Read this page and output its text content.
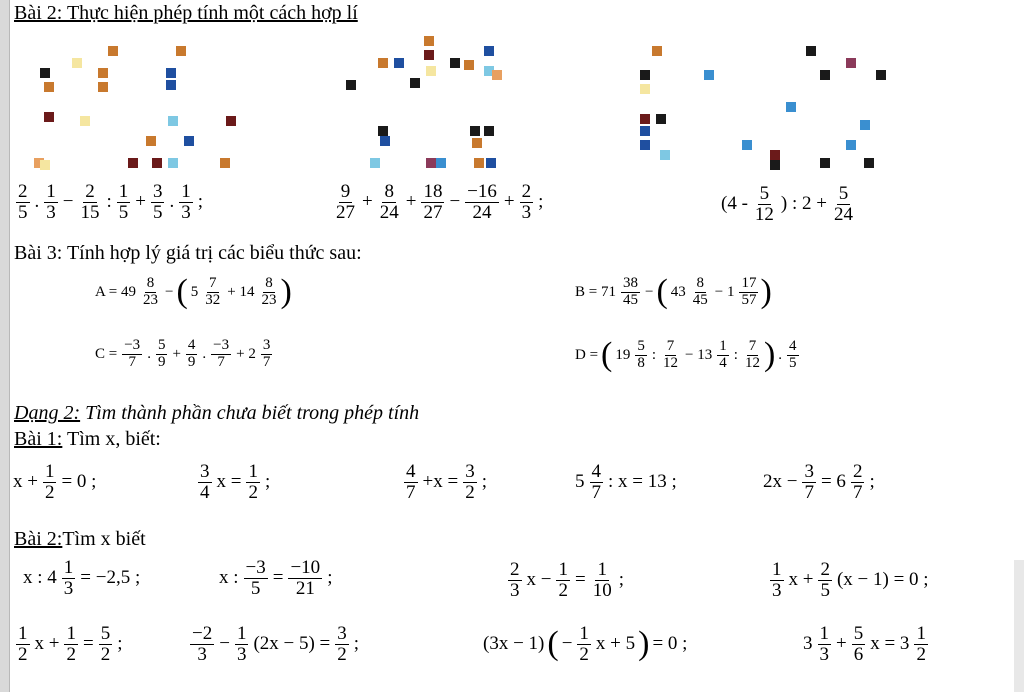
Bài 2: Thực hiện phép tính một cách hợp lí
$\frac{2}{5}$ . $\frac{1}{3} - \frac{2}{15}$ : $\frac{1}{5} + \frac{3}{5}$ . $\frac{1}{3}$ ;	$\frac{9}{27} + \frac{8}{24} + \frac{18}{27} - \frac{-16}{24} + \frac{2}{3}$ ;	($4 - \frac{5}{12}$ ) : $2 + \frac{5}{24}$
Bài 3: Tính hợp lý giá trị các biểu thức sau:
$A = 49 \frac{8}{23}$ − ( $5 \frac{7}{32} + 14 \frac{8}{23}$ )	$B = 71 \frac{38}{45}$ − ( $43 \frac{8}{45} - 1 \frac{17}{57}$ )
$C = \frac{-3}{7}$ . $\frac{5}{9} + \frac{4}{9}$ . $\frac{-3}{7} + 2 \frac{3}{7}$	D = ( $19 \frac{5}{8}$ : $\frac{7}{12} - 13 \frac{1}{4}$ : $\frac{7}{12}$ ) . $\frac{4}{5}$
Dạng 2: Tìm thành phần chưa biết trong phép tính
Bài 1: Tìm x, biết:
$x + \frac{1}{2} = 0$ ;	$\frac{3}{4}$ $x = \frac{1}{2}$ ;	$\frac{4}{7} +x = \frac{3}{2}$ ;	$5 \frac{4}{7}$ : x = 13 ;	$2x - \frac{3}{7} = 6 \frac{2}{7}$ ;
Bài 2:Tìm x biết
x : $4 \frac{1}{3} = -2,5$ ;	x : $\frac{-3}{5} = \frac{-10}{21}$ ;	$\frac{2}{3}$ $x - \frac{1}{2} = \frac{1}{10}$ ;	$\frac{1}{3}$ $x + \frac{2}{5} (x - 1) = 0$ ;
$\frac{1}{2}$ $x + \frac{1}{2} = \frac{5}{2}$ ;	$\frac{-2}{3} - \frac{1}{3} (2x - 5) = \frac{3}{2}$ ;	(3x − 1) ( − $\frac{1}{2}$ x + 5 ) = 0 ;	$3 \frac{1}{3} + \frac{5}{6}$ $x = 3 \frac{1}{2}$
